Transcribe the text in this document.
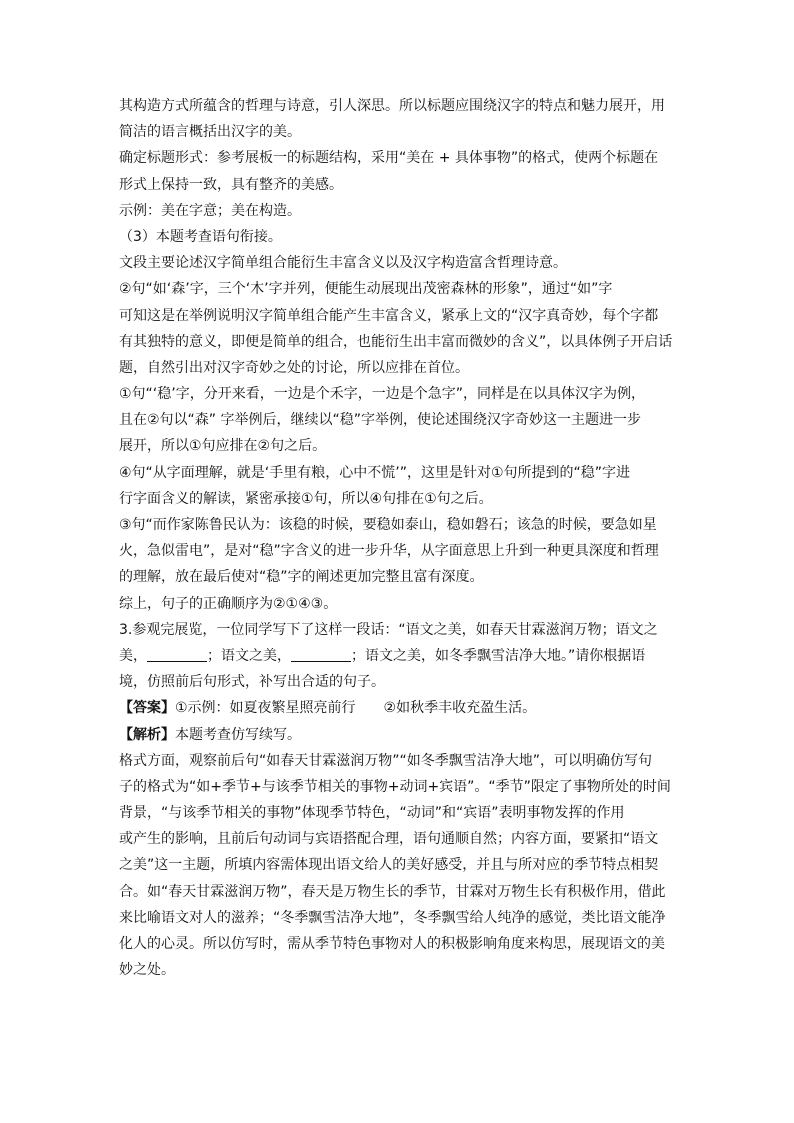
其构造方式所蕴含的哲理与诗意，引人深思。所以标题应围绕汉字的特点和魅力展开，用
简洁的语言概括出汉字的美。
确定标题形式：参考展板一的标题结构，采用“美在 + 具体事物”的格式，使两个标题在
形式上保持一致，具有整齐的美感。
示例：美在字意；美在构造。
（3）本题考查语句衔接。
文段主要论述汉字简单组合能衍生丰富含义以及汉字构造富含哲理诗意。
②句“如‘森’字，三个‘木’字并列，便能生动展现出茂密森林的形象”，通过“如”字
可知这是在举例说明汉字简单组合能产生丰富含义，紧承上文的“汉字真奇妙，每个字都
有其独特的意义，即便是简单的组合，也能衍生出丰富而微妙的含义”，以具体例子开启话
题，自然引出对汉字奇妙之处的讨论，所以应排在首位。
①句“‘稳’字，分开来看，一边是个禾字，一边是个急字”，同样是在以具体汉字为例，
且在②句以“森” 字举例后，继续以“稳”字举例，使论述围绕汉字奇妙这一主题进一步
展开，所以①句应排在②句之后。
④句“从字面理解，就是‘手里有粮，心中不慌’”，这里是针对①句所提到的“稳”字进
行字面含义的解读，紧密承接①句，所以④句排在①句之后。
③句“而作家陈鲁民认为：该稳的时候，要稳如泰山，稳如磐石；该急的时候，要急如星
火，急似雷电”，是对“稳”字含义的进一步升华，从字面意思上升到一种更具深度和哲理
的理解，放在最后使对“稳”字的阐述更加完整且富有深度。
综上，句子的正确顺序为②①④③。
3.参观完展览，一位同学写下了这样一段话：“语文之美，如春天甘霖滋润万物；语文之
美，	；语文之美，	；语文之美，如冬季飘雪洁净大地。”请你根据语
境，仿照前后句形式，补写出合适的句子。
【答案】①示例：如夏夜繁星照亮前行　　②如秋季丰收充盈生活。
【解析】本题考查仿写续写。
格式方面，观察前后句“如春天甘霖滋润万物”“如冬季飘雪洁净大地”，可以明确仿写句
子的格式为“如+季节+与该季节相关的事物+动词+宾语”。“季节”限定了事物所处的时间
背景，“与该季节相关的事物”体现季节特色，“动词”和“宾语”表明事物发挥的作用
或产生的影响，且前后句动词与宾语搭配合理，语句通顺自然；内容方面，要紧扣“语文
之美”这一主题，所填内容需体现出语文给人的美好感受，并且与所对应的季节特点相契
合。如“春天甘霖滋润万物”，春天是万物生长的季节，甘霖对万物生长有积极作用，借此
来比喻语文对人的滋养；“冬季飘雪洁净大地”，冬季飘雪给人纯净的感觉，类比语文能净
化人的心灵。所以仿写时，需从季节特色事物对人的积极影响角度来构思，展现语文的美
妙之处。
